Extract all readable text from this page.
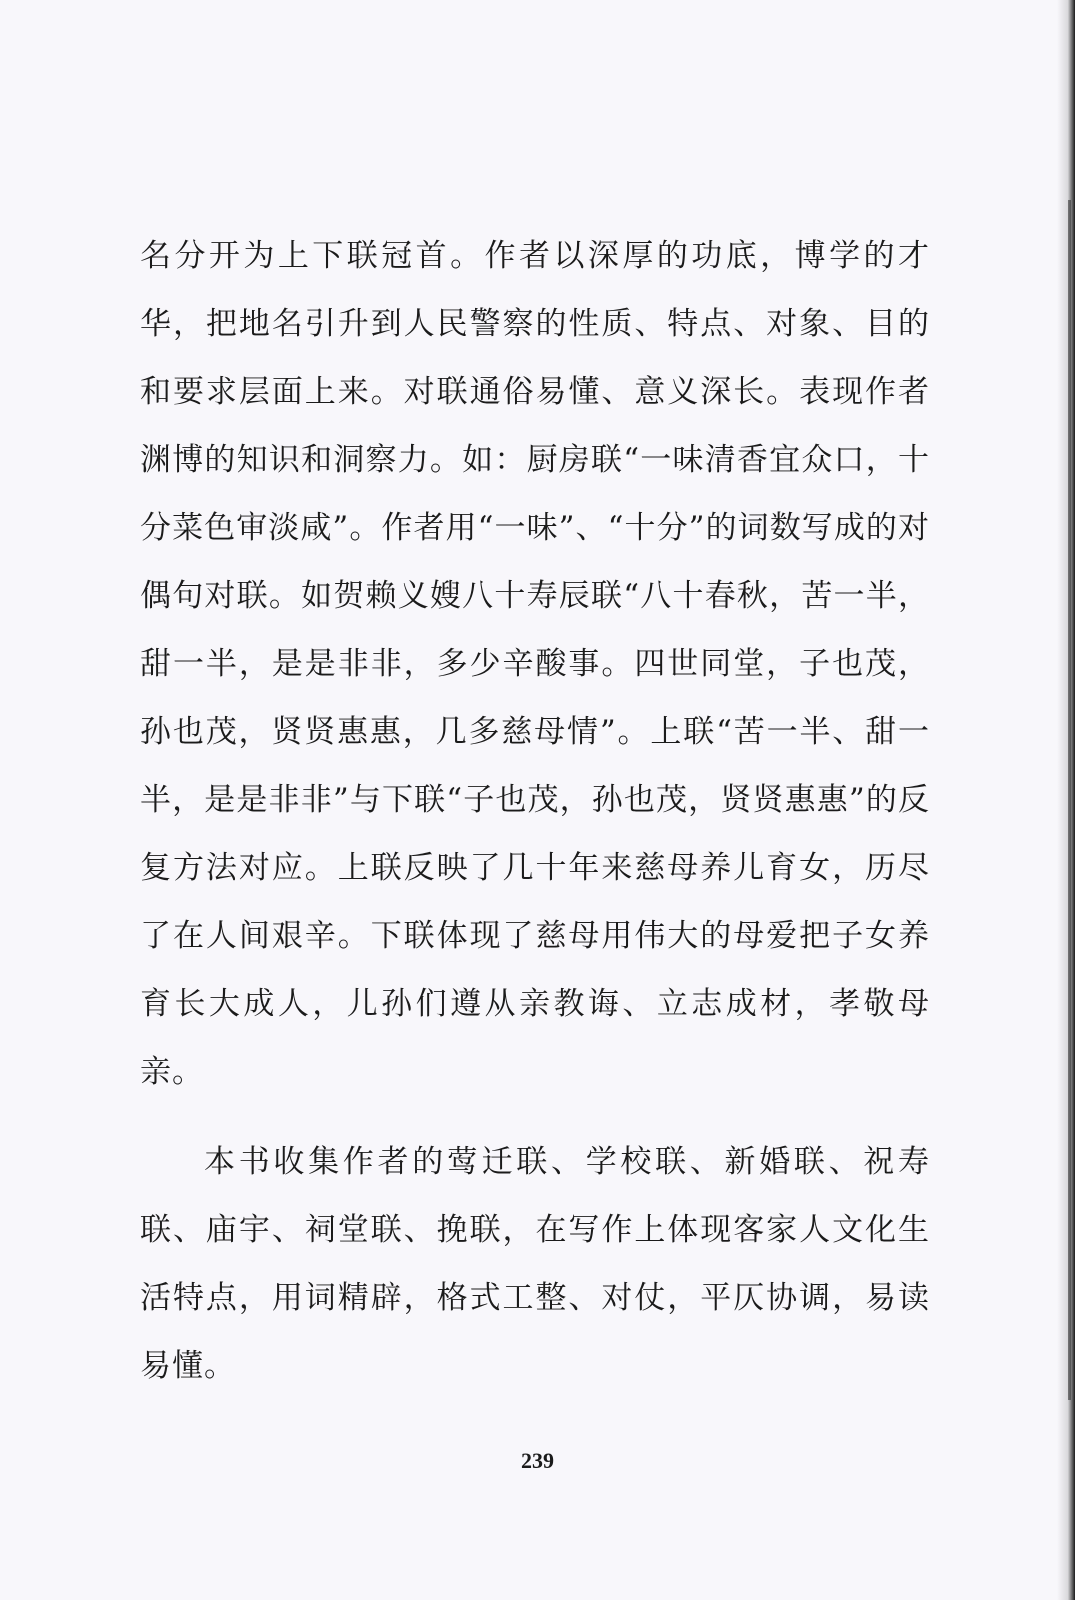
名分开为上下联冠首。作者以深厚的功底，博学的才华，把地名引升到人民警察的性质、特点、对象、目的和要求层面上来。对联通俗易懂、意义深长。表现作者渊博的知识和洞察力。如：厨房联“一味清香宜众口，十分菜色审淡咸”。作者用“一味”、“十分”的词数写成的对偶句对联。如贺赖义嫂八十寿辰联“八十春秋，苦一半，甜一半，是是非非，多少辛酸事。四世同堂，子也茂，孙也茂，贤贤惠惠，几多慈母情”。上联“苦一半、甜一半，是是非非”与下联“子也茂，孙也茂，贤贤惠惠”的反复方法对应。上联反映了几十年来慈母养儿育女，历尽了在人间艰辛。下联体现了慈母用伟大的母爱把子女养育长大成人，儿孙们遵从亲教诲、立志成材，孝敬母亲。

本书收集作者的莺迁联、学校联、新婚联、祝寿联、庙宇、祠堂联、挽联，在写作上体现客家人文化生活特点，用词精辟，格式工整、对仗，平仄协调，易读易懂。

239
